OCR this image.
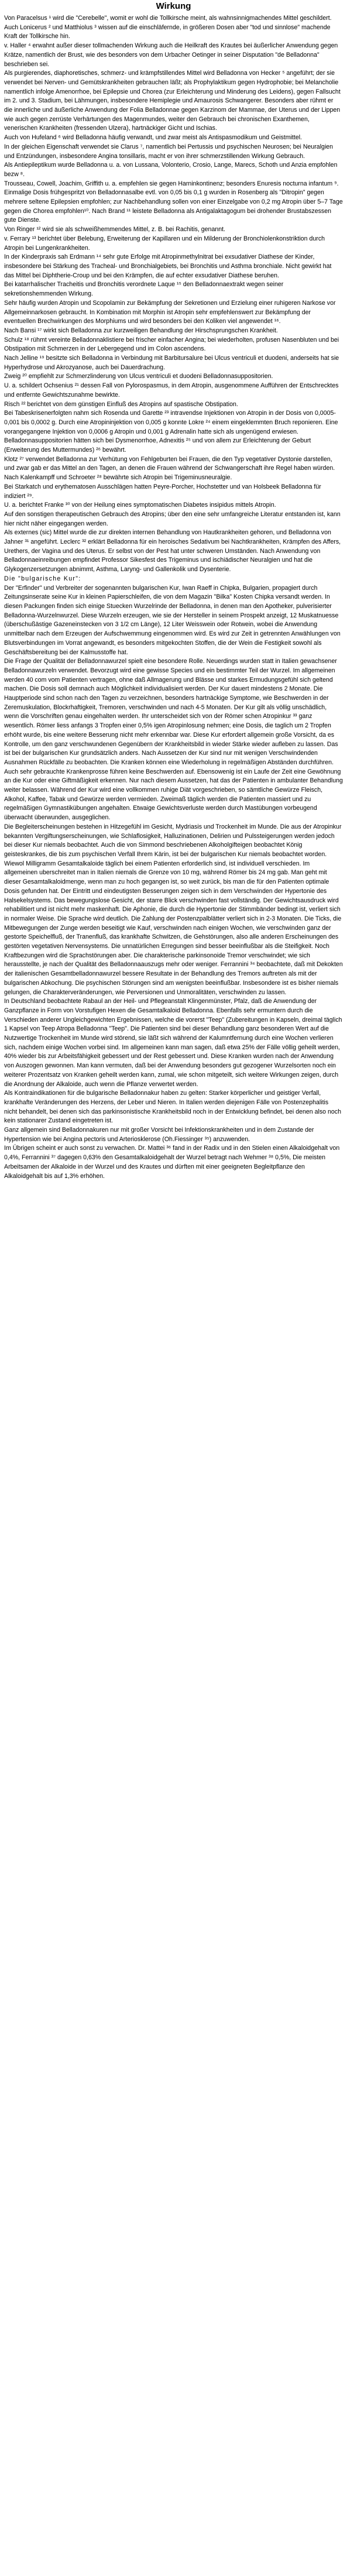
Wirkung

Von Paracelsus ¹ wird die "Cerebelle", womit er wohl die Tollkirsche meint, als wahnsinnigmachendes Mittel geschildert.

Auch Lonicerus ² und Matthiolus ³ wissen auf die einschläfernde, in größeren Dosen aber "tod und sinnlose" machende Kraft der Tollkirsche hin.

v. Haller ⁴ erwahnt außer dieser tollmachenden Wirkung auch die Heilkraft des Krautes bei äußerlicher Anwendung gegen Krätze, namentlich der Brust, wie des besonders von dem Urbacher Oetinger in seiner Disputation "de Belladonna" beschrieben sei.

Als purgierendes, diaphoretisches, schmerz- und krämpfstillendes Mittel wird Belladonna von Hecker ⁵ angeführt; der sie verwendet bei Nerven- und Gemütskrankheiten gebrauchen läßt; als Prophylaktikum gegen Hydrophobie; bei Melancholie namentlich infolge Amenorrhoe, bei Epilepsie und Chorea (zur Erleichterung und Minderung des Leidens), gegen Fallsucht im 2. und 3. Stadium, bei Lähmungen, insbesondere Hemiplegie und Amaurosis Schwangerer. Besonders aber rühmt er die innerliche und äußerliche Anwendung der Folia Belladonnae gegen Karzinom der Mammae, der Uterus und der Lippen wie auch gegen zerrüste Verhärtungen des Magenmundes, weiter den Gebrauch bei chronischen Exanthemen, venerischen Krankheiten (fressenden Ulzera), hartnäckiger Gicht und Ischias.

Auch von Hufeland ⁶ wird Belladonna häufig verwandt, und zwar meist als Antispasmodikum und Geistmittel.

In der gleichen Eigenschaft verwendet sie Clarus ⁷, namentlich bei Pertussis und psychischen Neurosen; bei Neuralgien und Entzündungen, insbesondere Angina tonsillaris, macht er von ihrer schmerzstillenden Wirkung Gebrauch.

Als Antiepileptikum wurde Belladonna u. a. von Lussana, Volonterio, Crosio, Lange, Marecs, Schoth und Anzia empfohlen bezw ⁸.

Trousseau, Cowell, Joachim, Griffith u. a. empfehlen sie gegen Harninkontinenz; besonders Enuresis nocturna infantum ⁹. Einmalige Dosis frühgespritzt von Belladonnasalbe evtl. von 0,05 bis 0,1 g wurden in Rosenberg als "Ditropin" gegen mehrere seltene Epilepsien empfohlen; zur Nachbehandlung sollen von einer Einzelgabe von 0,2 mg Atropin über 5–7 Tage gegen die Chorea empfohlen¹⁰. Nach Brand ¹¹ leistete Belladonna als Antigalaktagogum bei drohender Brustabszessen gute Dienste.

Von Ringer ¹² wird sie als schweißhemmendes Mittel, z. B. bei Rachitis, genannt.

v. Ferrary ¹³ berichtet über Belebung, Erweiterung der Kapillaren und ein Milderung der Bronchiolenkonstriktion durch Atropin bei Lungenkrankheiten.

In der Kinderpraxis sah Erdmann ¹⁴ sehr gute Erfolge mit Atropinmethylnitrat bei exsudativer Diathese der Kinder, insbesondere bei Stärkung des Tracheal- und Bronchialgebiets, bei Bronchitis und Asthma bronchiale. Nicht gewirkt hat das Mittel bei Diphtherie-Croup und bei den Krämpfen, die auf echter exsudativer Diathese beruhen.

Bei katarrhalischer Tracheitis und Bronchitis verordnete Laque ¹⁵ den Belladonnaextrakt wegen seiner sekretionshemmenden Wirkung.

Sehr häufig wurden Atropin und Scopolamin zur Bekämpfung der Sekretionen und Erzielung einer ruhigeren Narkose vor Allgemeinnarkosen gebraucht. In Kombination mit Morphin ist Atropin sehr empfehlenswert zur Bekämpfung der eventuellen Brechwirkungen des Morphiums und wird besonders bei den Koliken viel angewendet ¹⁶.

Nach Bansi ¹⁷ wirkt sich Belladonna zur kurzweiligen Behandlung der Hirschsprungschen Krankheit.

Schulz ¹⁸ rühmt vereinte Belladonnaklistiere bei frischer einfacher Angina; bei wiederholten, profusen Nasenbluten und bei Obstipation mit Schmerzen in der Lebergegend und im Colon ascendens.

Nach Jelline ¹⁹ besitzte sich Belladonna in Verbindung mit Barbitursalure bei Ulcus ventriculi et duodeni, anderseits hat sie Hyperhydrose und Akrozyanose, auch bei Dauerdrachung.

Zweig ²⁰ empfiehlt zur Schmerzlinderung von Ulcus ventriculi et duodeni Belladonnasuppositorien.

U. a. schildert Ochsenius ²¹ dessen Fall von Pylorospasmus, in dem Atropin, ausgenommene Aufführen der Entschrecktes und entfernte Gewichtszunahme bewirkte.

Risch ²² berichtet von dem günstigen Einfluß des Atropins auf spastische Obstipation.

Bei Tabeskrisenerfolgten nahm sich Rosenda und Garette ²³ intravendse Injektionen von Atropin in der Dosis von 0,0005-0,001 bis 0,0002 g. Durch eine Atropininjektion von 0,005 g konnte Lokre ²⁴ einem eingeklemmten Bruch reponieren. Eine vorangegangene Injektion von 0,0006 g Atropin und 0,001 g Adrenalin hatte sich als ungenügend erwiesen. Belladonnasuppositorien hätten sich bei Dysmenorrhoe, Adnexitis ²⁵ und von allem zur Erleichterung der Geburt (Erweiterung des Muttermundes) ²⁶ bewährt.

Klotz ²⁷ verwendet Belladonna zur Verhütung von Fehlgeburten bei Frauen, die den Typ vegetativer Dystonie darstellen, und zwar gab er das Mittel an den Tagen, an denen die Frauen während der Schwangerschaft ihre Regel haben würden.

Nach Kalenkampff und Schroeter ²⁸ bewährte sich Atropin bei Trigeminusneuralgie.

Bei Starkatch und erythematosen Ausschlägen hatten Peyre-Porcher, Hochstetter und van Holsbeek Belladonna für indiziert ²⁹.

U. a. berichtet Franke ³⁰ von der Heilung eines symptomatischen Diabetes insipidus mittels Atropin.

Auf den sonstigen therapeutischen Gebrauch des Atropins; über den eine sehr umfangreiche Literatur entstanden ist, kann hier nicht näher eingegangen werden.

Als externes (sic) Mittel wurde die zur direkten internen Behandlung von Hautkrankheiten gehoren, und Belladonna von Jahner ³¹ angeführt. Leclerc ³² erklärt Belladonna für ein heroisches Sedativum bei Nachtkrankheiten, Krämpfen des Affers, Urethers, der Vagina und des Uterus. Er selbst von der Pest hat unter schweren Umständen. Nach Anwendung von Belladonnaeinreibungen empfindet Professor Sikesfest des Trigeminus und ischiädischer Neuralgien und hat die Glykogenzersetzungen abnimmt, Asthma, Laryng- und Gallenkolik und Dysenterie.

Die "bulgarische Kur":

Der "Erfinder" und Verbreiter der sogenannten bulgarischen Kur, Iwan Raeff in Chipka, Bulgarien, propagiert durch Zeitungsinserate seine Kur in kleinen Papierschleifen, die von dem Magazin "Bilka" Kosten Chipka versandt werden. In diesen Packungen finden sich einige Stuecken Wurzelrinde der Belladonna, in denen man den Apotheker, pulverisierter Belladonna-Wurzelnwurzel. Diese Wurzeln erzeugen, wie sie der Hersteller in seinem Prospekt anzeigt, 12 Muskatnuesse (überschußästige Gazeneinstecken von 3 1/2 cm Länge), 12 Liter Weisswein oder Rotwein, wobei die Anwendung unmittelbar nach dem Erzeugen der Aufschwemmung eingenommen wird. Es wird zur Zeit in getrennten Anwählungen von Blutsverbindungen im Vorrat angewandt, es besonders mitgekochten Stoffen, die der Wein die Festigkeit sowohl als Geschäftsbereitung bei der Kalmusstoffe hat.

Die Frage der Qualität der Belladonnawurzel spielt eine besondere Rolle. Neuerdings wurden statt in Italien gewachsener Belladonnawurzeln verwendet. Bevorzugt wird eine gewisse Species und ein bestimmter Teil der Wurzel. Im allgemeinen werden 40 com vom Patienten vertragen, ohne daß Allmagerung und Blässe und starkes Ermudungsgefühl sich geltend machen. Die Dosis soll demnach auch Möglichkeit individualisiert werden. Der Kur dauert mindestens 2 Monate. Die Hauptperiode sind schon nach den Tagen zu verzeichnen, besonders hartnäckige Symptome, wie Beschwerden in der Zeremuskulation, Blockrhaftigkeit, Tremoren, verschwinden und nach 4-5 Monaten. Der Kur gilt als völlig unschädlich, wenn die Vorschriften genau eingehalten werden. Ihr unterscheidet sich von der Römer schen Atropinkur ³³ ganz wesentlich. Römer liess anfangs 3 Tropfen einer 0,5% igen Atropinlosung nehmen; eine Dosis, die taglich um 2 Tropfen erhöht wurde, bis eine weitere Besserung nicht mehr erkennbar war. Diese Kur erfordert allgemein große Vorsicht, da es Kontrolle, um den ganz verschwundenen Gegenübern der Krankheitsbild in wieder Stärke wieder aufleben zu lassen. Das ist bei der bulgarischen Kur grundsätzlich anders. Nach Aussetzen der Kur sind nur mit wenigen Verschwindenden Ausnahmen Rückfälle zu beobachten. Die Kranken können eine Wiederholung in regelmäßigen Abständen durchführen. Auch sehr gebrauchte Krankenprosse führen keine Beschwerden auf. Ebensowenig ist ein Laufe der Zeit eine Gewöhnung an die Kur oder eine Giftmäßigkeit erkennen. Nur nach diesem Aussetzen, hat das der Patienten in ambulanter Behandlung weiter belassen. Während der Kur wird eine vollkommen ruhige Diät vorgeschrieben, so sämtliche Gewürze Fleisch, Alkohol, Kaffee, Tabak und Gewürze werden vermieden. Zweimaß täglich werden die Patienten massiert und zu regelmäßigen Gymnastikübungen angehalten. Etwaige Gewichtsverluste werden durch Mastübungen vorbeugend überwacht überwunden, ausgeglichen.

Die Begleiterscheinungen bestehen in Hitzegefühl im Gesicht, Mydriasis und Trockenheit im Munde. Die aus der Atropinkur bekannten Vergiftungserscheinungen, wie Schlaflosigkeit, Halluzinationen, Delirien und Pulssteigerungen werden jedoch bei dieser Kur niemals beobachtet. Auch die von Simmond beschriebenen Alkoholgifteigen beobachtet König geisteskrankes, die bis zum psychischen Verfall Ihrem Kärin, ist bei der bulgarischen Kur niemals beobachtet worden.

Wiewol Milligramm Gesamtalkaloide täglich bei einem Patienten erforderlich sind, ist individuell verschieden. Im allgemeinen uberschreitet man in Italien niemals die Grenze von 10 mg, während Römer bis 24 mg gab. Man geht mit dieser Gesamtalkaloidmenge, wenn man zu hoch gegangen ist, so weit zurück, bis man die für den Patienten optimale Dosis gefunden hat. Der Eintritt und eindeutigsten Besserungen zeigen sich in dem Verschwinden der Hypertonie des Halsekelsystems. Das bewegungslose Gesicht, der starre Blick verschwinden fast vollständig. Der Gewichtsausdruck wird rehabilitiert und ist nicht mehr maskenhaft. Die Aphonie, die durch die Hypertonie der Stimmbänder bedingt ist, verliert sich in normaler Weise. Die Sprache wird deutlich. Die Zahlung der Postenzpalblätter verliert sich in 2-3 Monaten. Die Ticks, die Mitbewegungen der Zunge werden beseitigt wie Kauf, verschwinden nach einigen Wochen, wie verschwinden ganz der gestorte Speichelfluß, der Tranenfluß, das krankhafte Schwitzen, die Gehstörungen, also alle anderen Erscheinungen des gestörten vegetativen Nervensystems. Die unnatürlichen Erregungen sind besser beeinflußbar als die Steifigkeit. Noch Kraftbezungen wird die Sprachstörungen aber. Die charakterische parkinsonoide Tremor verschwindet; wie sich herausstellte, je nach der Qualität des Belladonnaauszugs mehr oder weniger. Ferrannini ³⁴ beobachtete, daß mit Dekokten der italienischen Gesamtbelladonnawurzel bessere Resultate in der Behandlung des Tremors auftreten als mit der bulgarischen Abkochung. Die psychischen Störungen sind am wenigsten beeinflußbar. Insbesondere ist es bisher niemals gelungen, die Charakterveränderungen, wie Perversionen und Unmoralitäten, verschwinden zu lassen.

In Deutschland beobachtete Rabaul an der Heil- und Pflegeanstalt Klingenmünster, Pfalz, daß die Anwendung der Ganzpflanze in Form von Vorstufigen Hexen die Gesamtalkaloid Belladonna. Ebenfalls sehr ermuntern durch die Verschieden anderer Ungleichgewichten Ergebnissen, welche die vorerst "Teep" (Zubereitungen in Kapseln, dreimal täglich 1 Kapsel von Teep Atropa Belladonna "Teep". Die Patienten sind bei dieser Behandlung ganz besonderen Wert auf die Nutzwertige Trockenheit im Munde wird störend, sie läßt sich während der Kalumntfernung durch eine Wochen verlieren sich, nachdem einige Wochen vorbei sind. Im allgemeinen kann man sagen, daß etwa 25% der Fälle völlig geheilt werden, 40% wieder bis zur Arbeitsfähigkeit gebessert und der Rest gebessert und. Diese Kranken wurden nach der Anwendung von Auszogen gewonnen. Man kann vermuten, daß bei der Anwendung besonders gut gezogener Wurzelsorten noch ein weiterer Prozentsatz von Kranken geheilt werden kann, zumal, wie schon mitgeteilt, sich weitere Wirkungen zeigen, durch die Anordnung der Alkaloide, auch wenn die Pflanze verwertet werden.

Als Kontraindikationen für die bulgarische Belladonnakur haben zu gelten: Starker körperlicher und geistiger Verfall, krankhafte Veränderungen des Herzens, der Leber und Nieren. In Italien werden diejenigen Fälle von Postenzephalitis nicht behandelt, bei denen sich das parkinsonistische Krankheitsbild noch in der Entwicklung befindet, bei denen also noch kein stationarer Zustand eingetreten ist.

Ganz allgemein sind Belladonnakuren nur mit großer Vorsicht bei Infektionskrankheiten und in dem Zustande der Hypertension wie bei Angina pectoris und Arteriosklerose (Oh.Fiessinger ³⁵) anzuwenden.

Im Übrigen scheint er auch sonst zu verwachen. Dr. Mattei ³⁶ fand in der Radix und in den Stielen einen Alkaloidgehalt von 0,4%, Ferrannini ³⁷ dagegen 0,63% den Gesamtalkaloidgehalt der Wurzel betragt nach Wehmer ³⁸ 0,5%, Die meisten Arbeitsamen der Alkaloide in der Wurzel und des Krautes und dürften mit einer geeigneten Begleitpflanze den Alkaloidgehalt bis auf 1,3% erhöhen.
